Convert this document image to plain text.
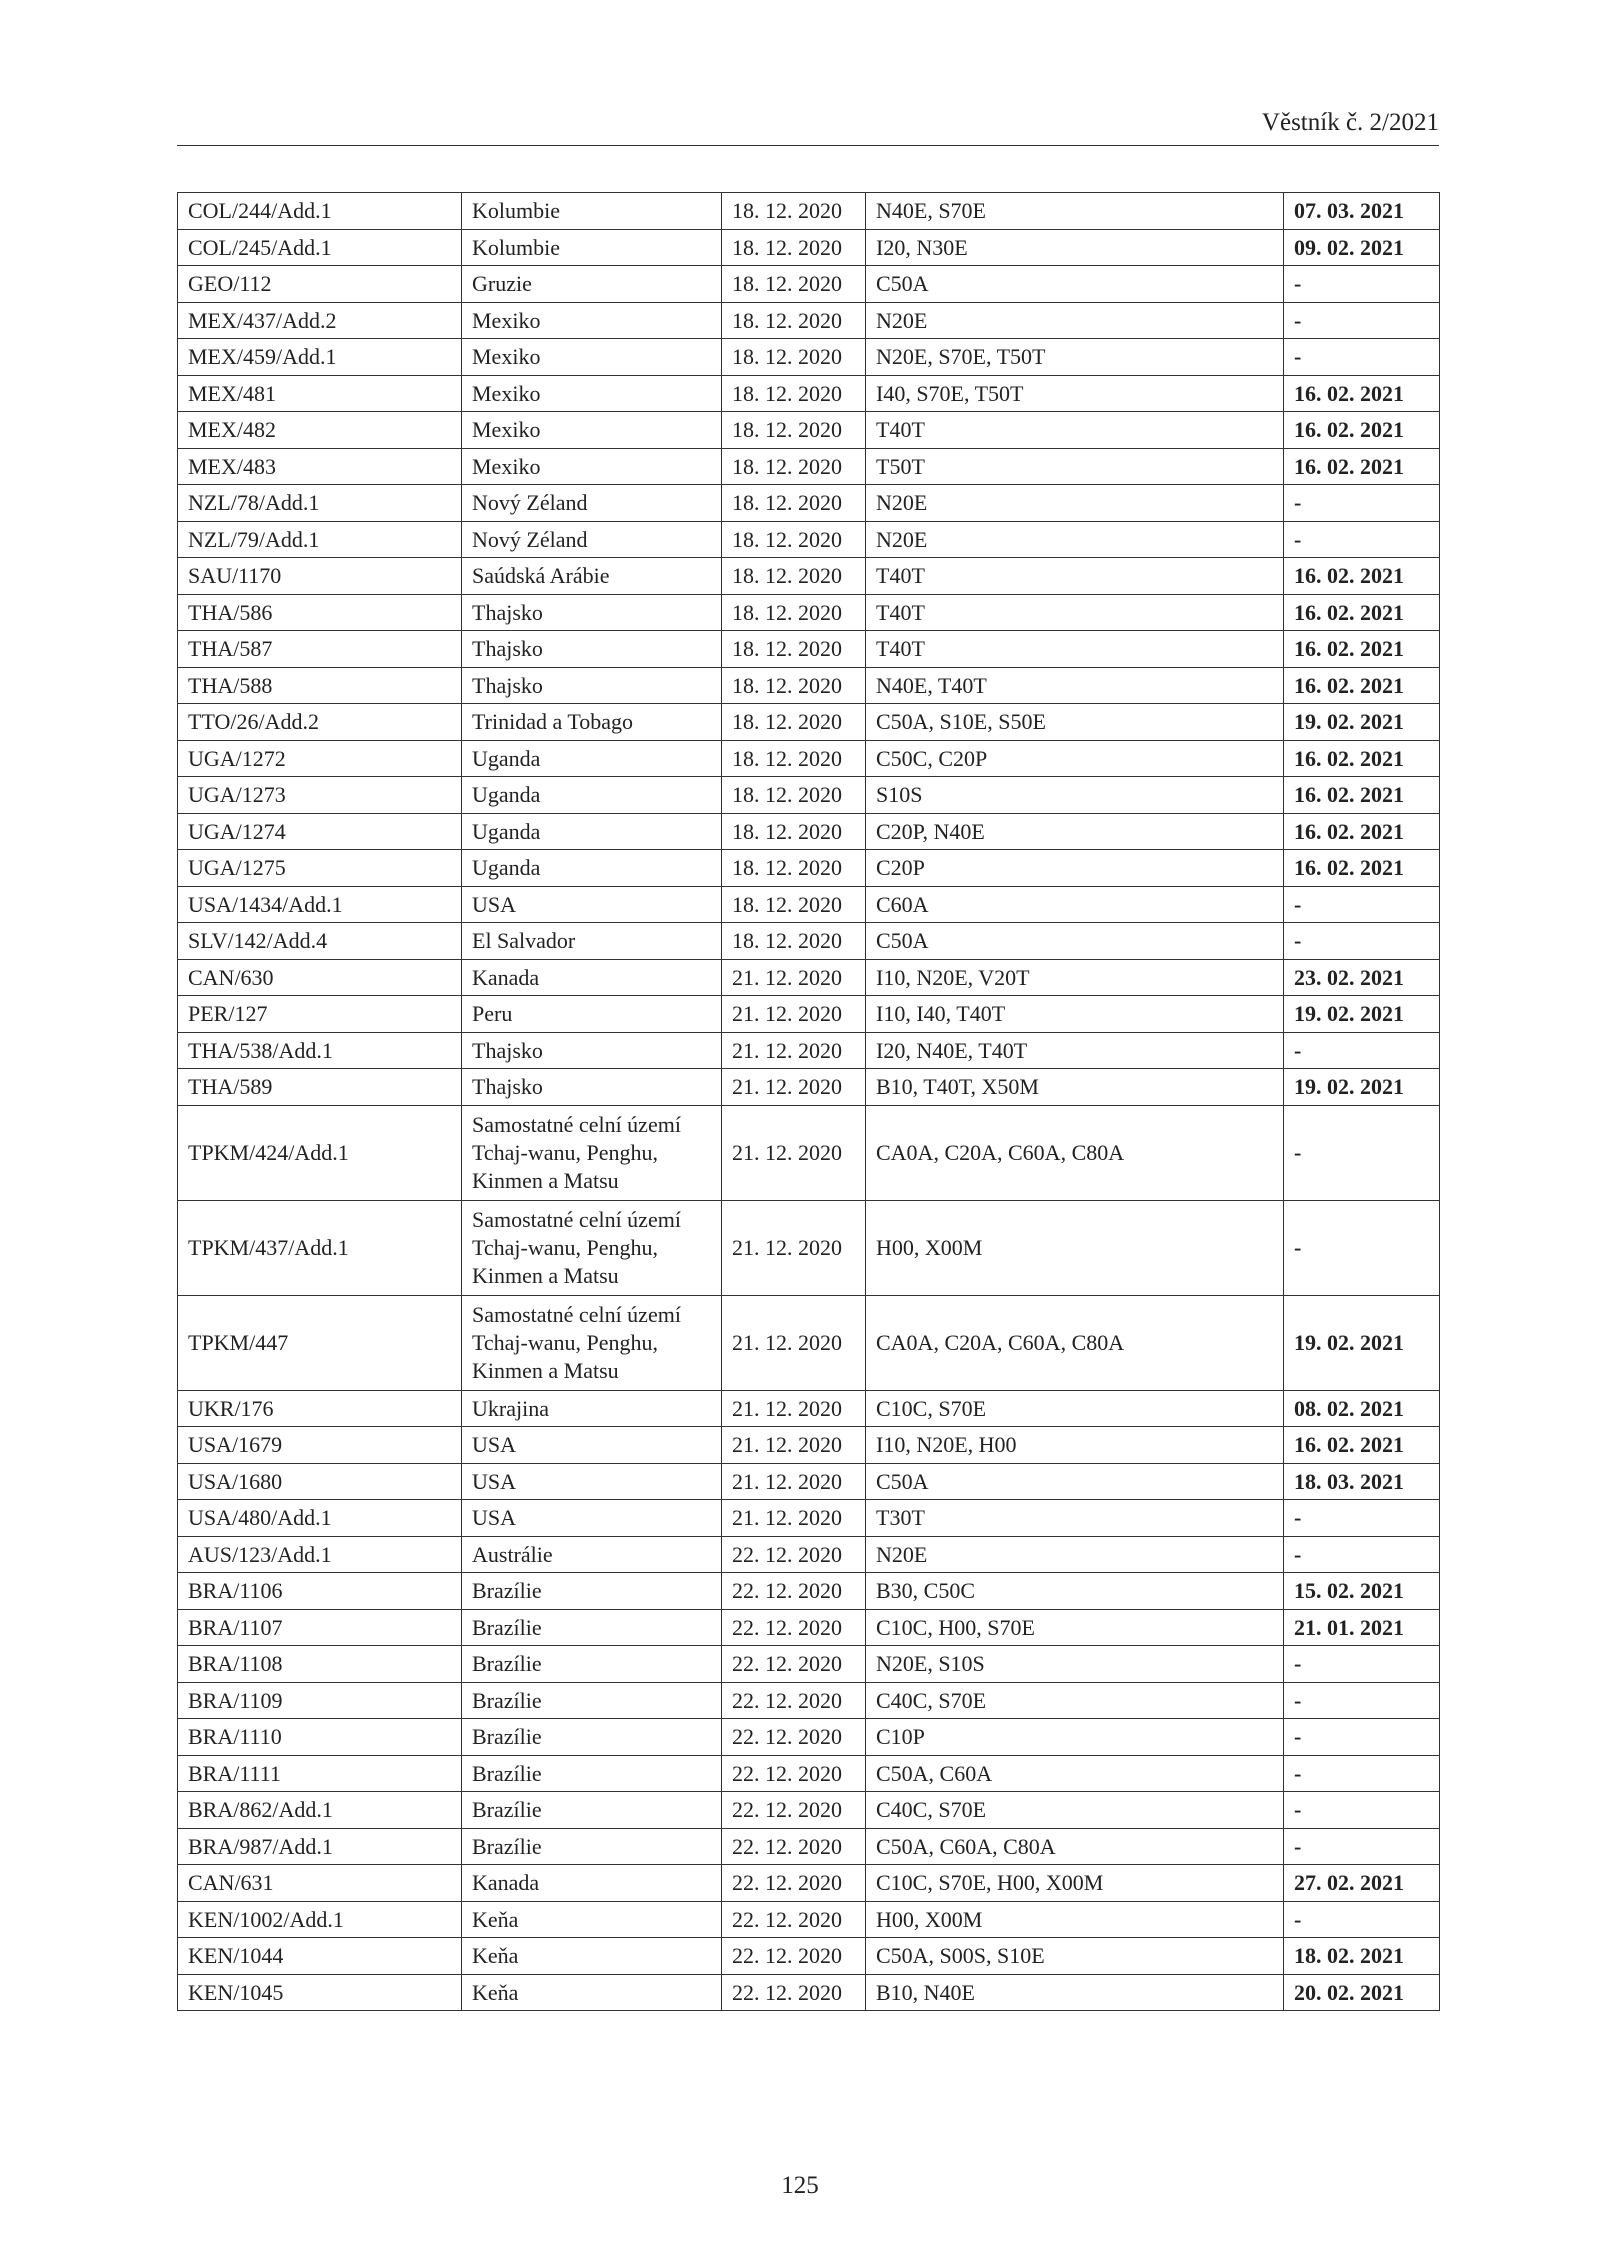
Věstník č. 2/2021
COL/244/Add.1	Kolumbie	18. 12. 2020	N40E, S70E	07. 03. 2021
COL/245/Add.1	Kolumbie	18. 12. 2020	I20, N30E	09. 02. 2021
GEO/112	Gruzie	18. 12. 2020	C50A	-
MEX/437/Add.2	Mexiko	18. 12. 2020	N20E	-
MEX/459/Add.1	Mexiko	18. 12. 2020	N20E, S70E, T50T	-
MEX/481	Mexiko	18. 12. 2020	I40, S70E, T50T	16. 02. 2021
MEX/482	Mexiko	18. 12. 2020	T40T	16. 02. 2021
MEX/483	Mexiko	18. 12. 2020	T50T	16. 02. 2021
NZL/78/Add.1	Nový Zéland	18. 12. 2020	N20E	-
NZL/79/Add.1	Nový Zéland	18. 12. 2020	N20E	-
SAU/1170	Saúdská Arábie	18. 12. 2020	T40T	16. 02. 2021
THA/586	Thajsko	18. 12. 2020	T40T	16. 02. 2021
THA/587	Thajsko	18. 12. 2020	T40T	16. 02. 2021
THA/588	Thajsko	18. 12. 2020	N40E, T40T	16. 02. 2021
TTO/26/Add.2	Trinidad a Tobago	18. 12. 2020	C50A, S10E, S50E	19. 02. 2021
UGA/1272	Uganda	18. 12. 2020	C50C, C20P	16. 02. 2021
UGA/1273	Uganda	18. 12. 2020	S10S	16. 02. 2021
UGA/1274	Uganda	18. 12. 2020	C20P, N40E	16. 02. 2021
UGA/1275	Uganda	18. 12. 2020	C20P	16. 02. 2021
USA/1434/Add.1	USA	18. 12. 2020	C60A	-
SLV/142/Add.4	El Salvador	18. 12. 2020	C50A	-
CAN/630	Kanada	21. 12. 2020	I10, N20E, V20T	23. 02. 2021
PER/127	Peru	21. 12. 2020	I10, I40, T40T	19. 02. 2021
THA/538/Add.1	Thajsko	21. 12. 2020	I20, N40E, T40T	-
THA/589	Thajsko	21. 12. 2020	B10, T40T, X50M	19. 02. 2021
TPKM/424/Add.1	Samostatné celní území Tchaj-wanu, Penghu, Kinmen a Matsu	21. 12. 2020	CA0A, C20A, C60A, C80A	-
TPKM/437/Add.1	Samostatné celní území Tchaj-wanu, Penghu, Kinmen a Matsu	21. 12. 2020	H00, X00M	-
TPKM/447	Samostatné celní území Tchaj-wanu, Penghu, Kinmen a Matsu	21. 12. 2020	CA0A, C20A, C60A, C80A	19. 02. 2021
UKR/176	Ukrajina	21. 12. 2020	C10C, S70E	08. 02. 2021
USA/1679	USA	21. 12. 2020	I10, N20E, H00	16. 02. 2021
USA/1680	USA	21. 12. 2020	C50A	18. 03. 2021
USA/480/Add.1	USA	21. 12. 2020	T30T	-
AUS/123/Add.1	Austrálie	22. 12. 2020	N20E	-
BRA/1106	Brazílie	22. 12. 2020	B30, C50C	15. 02. 2021
BRA/1107	Brazílie	22. 12. 2020	C10C, H00, S70E	21. 01. 2021
BRA/1108	Brazílie	22. 12. 2020	N20E, S10S	-
BRA/1109	Brazílie	22. 12. 2020	C40C, S70E	-
BRA/1110	Brazílie	22. 12. 2020	C10P	-
BRA/1111	Brazílie	22. 12. 2020	C50A, C60A	-
BRA/862/Add.1	Brazílie	22. 12. 2020	C40C, S70E	-
BRA/987/Add.1	Brazílie	22. 12. 2020	C50A, C60A, C80A	-
CAN/631	Kanada	22. 12. 2020	C10C, S70E, H00, X00M	27. 02. 2021
KEN/1002/Add.1	Keňa	22. 12. 2020	H00, X00M	-
KEN/1044	Keňa	22. 12. 2020	C50A, S00S, S10E	18. 02. 2021
KEN/1045	Keňa	22. 12. 2020	B10, N40E	20. 02. 2021
125
